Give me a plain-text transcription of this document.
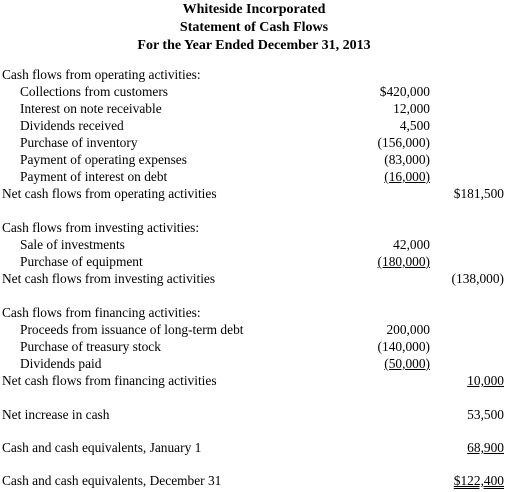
Whiteside Incorporated
Statement of Cash Flows
For the Year Ended December 31, 2013
Cash flows from operating activities:
Collections from customers	$420,000
Interest on note receivable	12,000
Dividends received	4,500
Purchase of inventory	(156,000)
Payment of operating expenses	(83,000)
Payment of interest on debt	(16,000)
Net cash flows from operating activities	$181,500
Cash flows from investing activities:
Sale of investments	42,000
Purchase of equipment	(180,000)
Net cash flows from investing activities	(138,000)
Cash flows from financing activities:
Proceeds from issuance of long-term debt	200,000
Purchase of treasury stock	(140,000)
Dividends paid	(50,000)
Net cash flows from financing activities	10,000
Net increase in cash	53,500
Cash and cash equivalents, January 1	68,900
Cash and cash equivalents, December 31	$122,400
